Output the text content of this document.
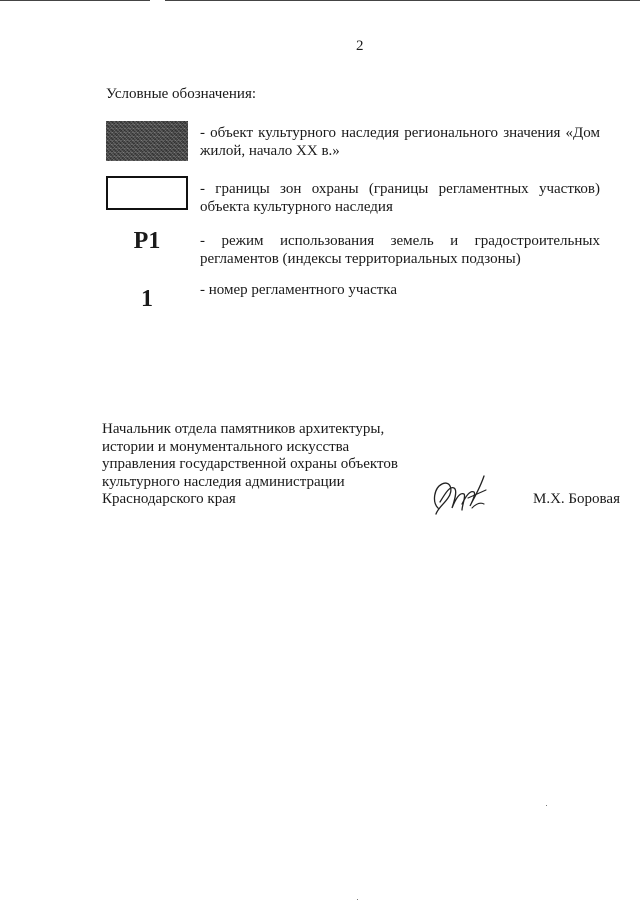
2
Условные обозначения:
- объект культурного наследия регионального значения «Дом жилой, начало XX в.»
- границы зон охраны (границы регламентных участков) объекта культурного наследия
Р1	- режим использования земель и градостроительных регламентов (индексы территориальных подзоны)
1	- номер регламентного участка
Начальник отдела памятников архитектуры,
истории и монументального искусства
управления государственной охраны объектов
культурного наследия администрации
Краснодарского края	М.Х. Боровая
